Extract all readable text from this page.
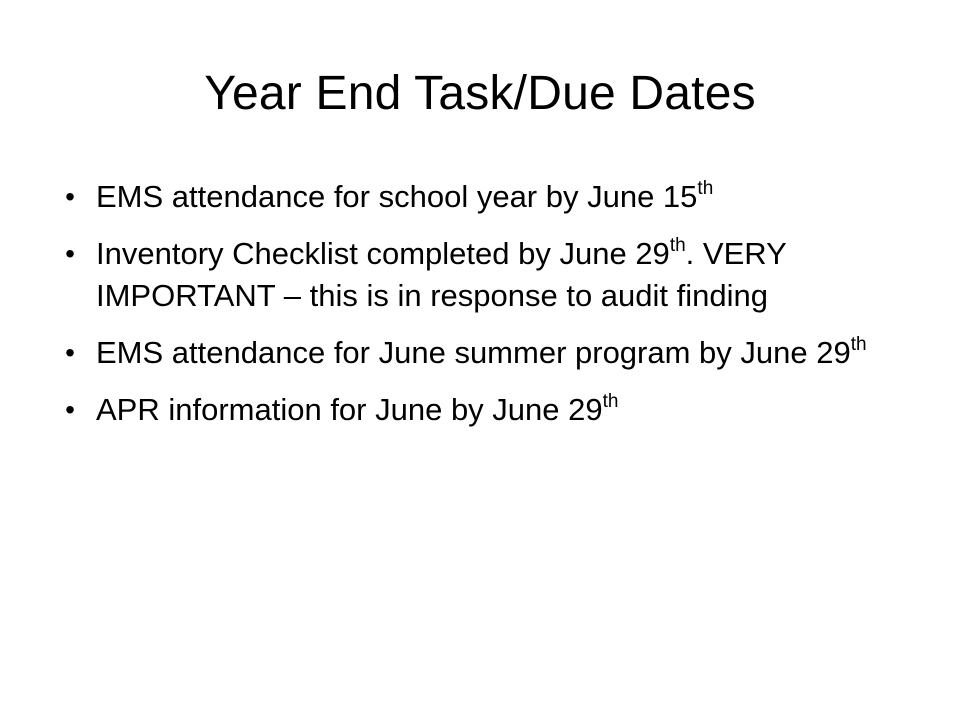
Year End Task/Due Dates
• EMS attendance for school year by June 15th
• Inventory Checklist completed by June 29th. VERY IMPORTANT – this is in response to audit finding
• EMS attendance for June summer program by June 29th
• APR information for June by June 29th
